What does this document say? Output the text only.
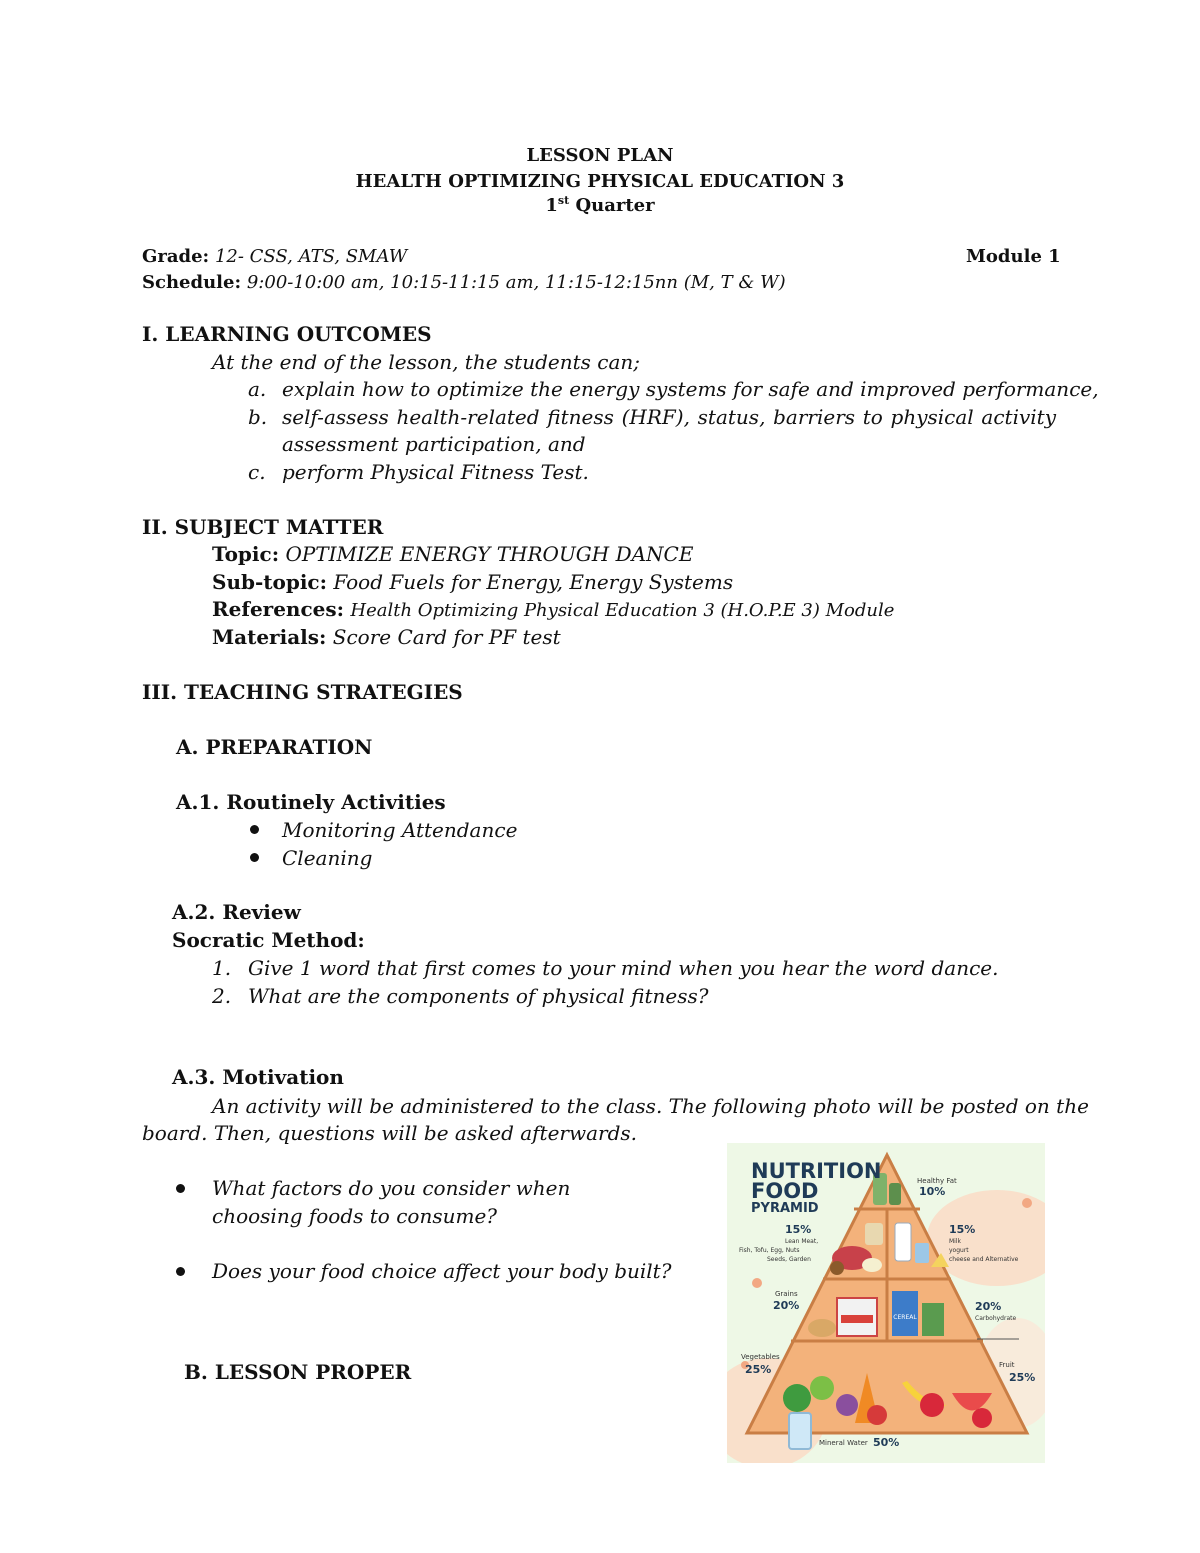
LESSON PLAN
HEALTH OPTIMIZING PHYSICAL EDUCATION 3
1st Quarter
Grade: 12- CSS, ATS, SMAW	Module 1
Schedule: 9:00-10:00 am, 10:15-11:15 am, 11:15-12:15nn (M, T & W)
I. LEARNING OUTCOMES
At the end of the lesson, the students can;
a. explain how to optimize the energy systems for safe and improved performance,
b. self-assess health-related fitness (HRF), status, barriers to physical activity
assessment participation, and
c. perform Physical Fitness Test.
II. SUBJECT MATTER
Topic: OPTIMIZE ENERGY THROUGH DANCE
Sub-topic: Food Fuels for Energy, Energy Systems
References: Health Optimizing Physical Education 3 (H.O.P.E 3) Module
Materials: Score Card for PF test
III. TEACHING STRATEGIES
A. PREPARATION
A.1. Routinely Activities
Monitoring Attendance
Cleaning
A.2. Review
Socratic Method:
1. Give 1 word that first comes to your mind when you hear the word dance.
2. What are the components of physical fitness?
A.3. Motivation
An activity will be administered to the class. The following photo will be posted on the
board. Then, questions will be asked afterwards.
What factors do you consider when
choosing foods to consume?
Does your food choice affect your body built?
B. LESSON PROPER
CEREAL
NUTRITION
FOOD
PYRAMID
Healthy Fat
10%
15%
Lean Meat,
Fish, Tofu, Egg, Nuts
Seeds, Garden
15%
Milk
yogurt
cheese and Alternative
Grains
20%	20%
Carbohydrate
Vegetables
25%	Fruit
25%
Mineral Water 50%
